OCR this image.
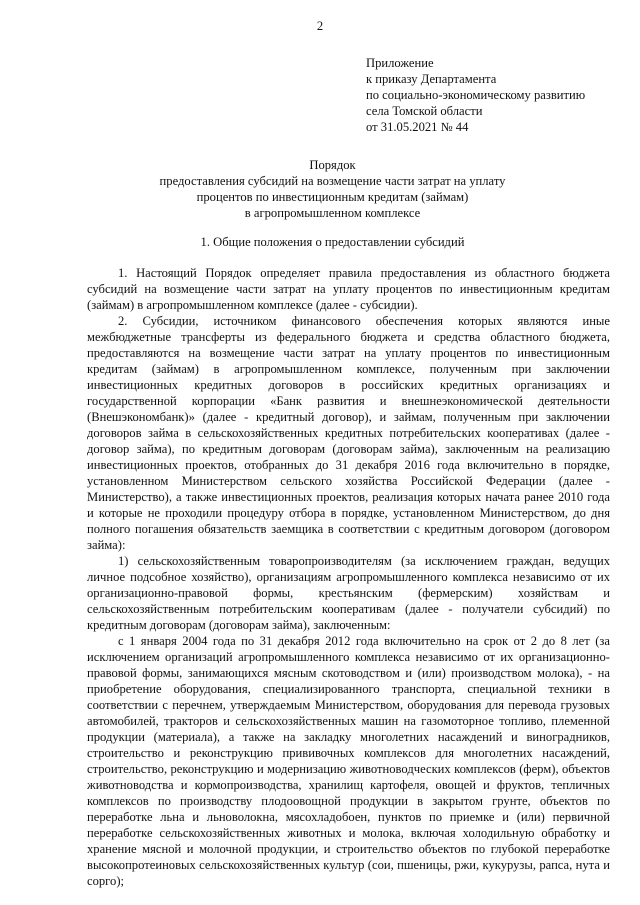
2
Приложение
к приказу Департамента
по социально-экономическому развитию
села Томской области
от 31.05.2021 № 44
Порядок
предоставления субсидий на возмещение части затрат на уплату
процентов по инвестиционным кредитам (займам)
в агропромышленном комплексе
1. Общие положения о предоставлении субсидий

1. Настоящий Порядок определяет правила предоставления из областного бюджета субсидий на возмещение части затрат на уплату процентов по инвестиционным кредитам (займам) в агропромышленном комплексе (далее - субсидии).

2. Субсидии, источником финансового обеспечения которых являются иные межбюджетные трансферты из федерального бюджета и средства областного бюджета, предоставляются на возмещение части затрат на уплату процентов по инвестиционным кредитам (займам) в агропромышленном комплексе, полученным при заключении инвестиционных кредитных договоров в российских кредитных организациях и государственной корпорации «Банк развития и внешнеэкономической деятельности (Внешэкономбанк)» (далее - кредитный договор), и займам, полученным при заключении договоров займа в сельскохозяйственных кредитных потребительских кооперативах (далее - договор займа), по кредитным договорам (договорам займа), заключенным на реализацию инвестиционных проектов, отобранных до 31 декабря 2016 года включительно в порядке, установленном Министерством сельского хозяйства Российской Федерации (далее - Министерство), а также инвестиционных проектов, реализация которых начата ранее 2010 года и которые не проходили процедуру отбора в порядке, установленном Министерством, до дня полного погашения обязательств заемщика в соответствии с кредитным договором (договором займа):

1) сельскохозяйственным товаропроизводителям (за исключением граждан, ведущих личное подсобное хозяйство), организациям агропромышленного комплекса независимо от их организационно-правовой формы, крестьянским (фермерским) хозяйствам и сельскохозяйственным потребительским кооперативам (далее - получатели субсидий) по кредитным договорам (договорам займа), заключенным:

с 1 января 2004 года по 31 декабря 2012 года включительно на срок от 2 до 8 лет (за исключением организаций агропромышленного комплекса независимо от их организационно-правовой формы, занимающихся мясным скотоводством и (или) производством молока), - на приобретение оборудования, специализированного транспорта, специальной техники в соответствии с перечнем, утверждаемым Министерством, оборудования для перевода грузовых автомобилей, тракторов и сельскохозяйственных машин на газомоторное топливо, племенной продукции (материала), а также на закладку многолетних насаждений и виноградников, строительство и реконструкцию прививочных комплексов для многолетних насаждений, строительство, реконструкцию и модернизацию животноводческих комплексов (ферм), объектов животноводства и кормопроизводства, хранилищ картофеля, овощей и фруктов, тепличных комплексов по производству плодоовощной продукции в закрытом грунте, объектов по переработке льна и льноволокна, мясохладобоен, пунктов по приемке и (или) первичной переработке сельскохозяйственных животных и молока, включая холодильную обработку и хранение мясной и молочной продукции, и строительство объектов по глубокой переработке высокопротеиновых сельскохозяйственных культур (сои, пшеницы, ржи, кукурузы, рапса, нута и сорго);
